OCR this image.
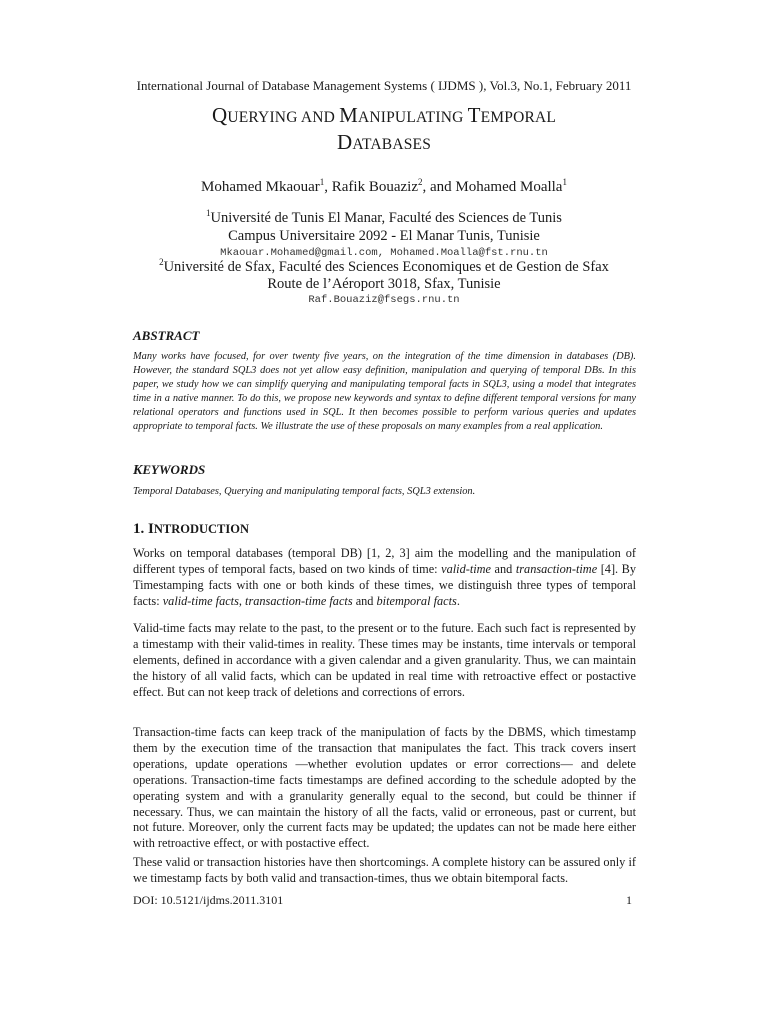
International Journal of Database Management Systems ( IJDMS ), Vol.3, No.1, February 2011
QUERYING AND MANIPULATING TEMPORAL
DATABASES
Mohamed Mkaouar$^1$, Rafik Bouaziz$^2$, and Mohamed Moalla$^1$
$^1$Université de Tunis El Manar, Faculté des Sciences de Tunis
Campus Universitaire 2092 - El Manar Tunis, Tunisie
Mkaouar.Mohamed@gmail.com, Mohamed.Moalla@fst.rnu.tn
$^2$Université de Sfax, Faculté des Sciences Economiques et de Gestion de Sfax
Route de l’Aéroport 3018, Sfax, Tunisie
Raf.Bouaziz@fsegs.rnu.tn
ABSTRACT
Many works have focused, for over twenty five years, on the integration of the time dimension in databases (DB). However, the standard SQL3 does not yet allow easy definition, manipulation and querying of temporal DBs. In this paper, we study how we can simplify querying and manipulating temporal facts in SQL3, using a model that integrates time in a native manner. To do this, we propose new keywords and syntax to define different temporal versions for many relational operators and functions used in SQL. It then becomes possible to perform various queries and updates appropriate to temporal facts. We illustrate the use of these proposals on many examples from a real application.
KEYWORDS
Temporal Databases, Querying and manipulating temporal facts, SQL3 extension.
1. INTRODUCTION
Works on temporal databases (temporal DB) [1, 2, 3] aim the modelling and the manipulation of different types of temporal facts, based on two kinds of time: valid-time and transaction-time [4]. By Timestamping facts with one or both kinds of these times, we distinguish three types of temporal facts: valid-time facts, transaction-time facts and bitemporal facts.
Valid-time facts may relate to the past, to the present or to the future. Each such fact is represented by a timestamp with their valid-times in reality. These times may be instants, time intervals or temporal elements, defined in accordance with a given calendar and a given granularity. Thus, we can maintain the history of all valid facts, which can be updated in real time with retroactive effect or postactive effect. But can not keep track of deletions and corrections of errors.
Transaction-time facts can keep track of the manipulation of facts by the DBMS, which timestamp them by the execution time of the transaction that manipulates the fact. This track covers insert operations, update operations —whether evolution updates or error corrections— and delete operations. Transaction-time facts timestamps are defined according to the schedule adopted by the operating system and with a granularity generally equal to the second, but could be thinner if necessary. Thus, we can maintain the history of all the facts, valid or erroneous, past or current, but not future. Moreover, only the current facts may be updated; the updates can not be made here either with retroactive effect, or with postactive effect.
These valid or transaction histories have then shortcomings. A complete history can be assured only if we timestamp facts by both valid and transaction-times, thus we obtain bitemporal facts.
DOI: 10.5121/ijdms.2011.3101	1
